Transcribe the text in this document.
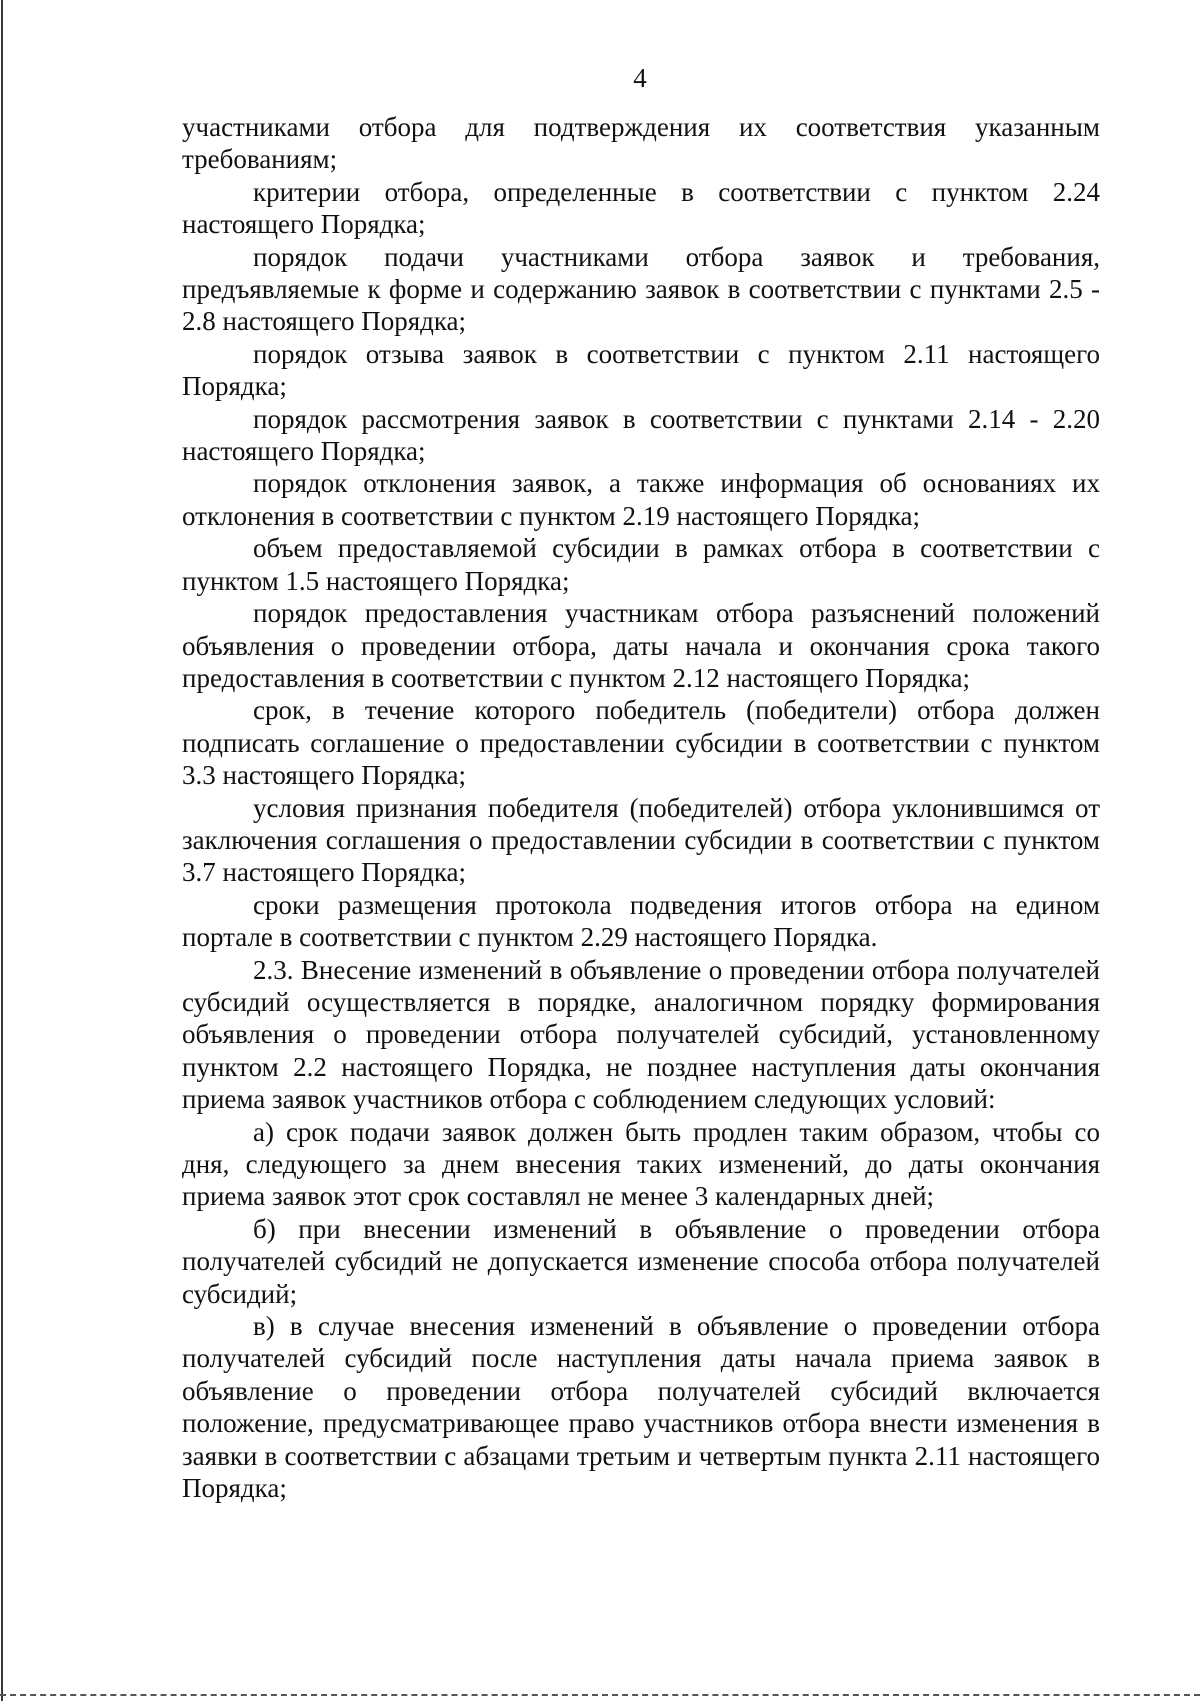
4

участниками отбора для подтверждения их соответствия указанным требованиям;

критерии отбора, определенные в соответствии с пунктом 2.24 настоящего Порядка;

порядок подачи участниками отбора заявок и требования, предъявляемые к форме и содержанию заявок в соответствии с пунктами 2.5 - 2.8 настоящего Порядка;

порядок отзыва заявок в соответствии с пунктом 2.11 настоящего Порядка;

порядок рассмотрения заявок в соответствии с пунктами 2.14 - 2.20 настоящего Порядка;

порядок отклонения заявок, а также информация об основаниях их отклонения в соответствии с пунктом 2.19 настоящего Порядка;

объем предоставляемой субсидии в рамках отбора в соответствии с пунктом 1.5 настоящего Порядка;

порядок предоставления участникам отбора разъяснений положений объявления о проведении отбора, даты начала и окончания срока такого предоставления в соответствии с пунктом 2.12 настоящего Порядка;

срок, в течение которого победитель (победители) отбора должен подписать соглашение о предоставлении субсидии в соответствии с пунктом 3.3 настоящего Порядка;

условия признания победителя (победителей) отбора уклонившимся от заключения соглашения о предоставлении субсидии в соответствии с пунктом 3.7 настоящего Порядка;

сроки размещения протокола подведения итогов отбора на едином портале в соответствии с пунктом 2.29 настоящего Порядка.

2.3. Внесение изменений в объявление о проведении отбора получателей субсидий осуществляется в порядке, аналогичном порядку формирования объявления о проведении отбора получателей субсидий, установленному пунктом 2.2 настоящего Порядка, не позднее наступления даты окончания приема заявок участников отбора с соблюдением следующих условий:

а) срок подачи заявок должен быть продлен таким образом, чтобы со дня, следующего за днем внесения таких изменений, до даты окончания приема заявок этот срок составлял не менее 3 календарных дней;

б) при внесении изменений в объявление о проведении отбора получателей субсидий не допускается изменение способа отбора получателей субсидий;

в) в случае внесения изменений в объявление о проведении отбора получателей субсидий после наступления даты начала приема заявок в объявление о проведении отбора получателей субсидий включается положение, предусматривающее право участников отбора внести изменения в заявки в соответствии с абзацами третьим и четвертым пункта 2.11 настоящего Порядка;
